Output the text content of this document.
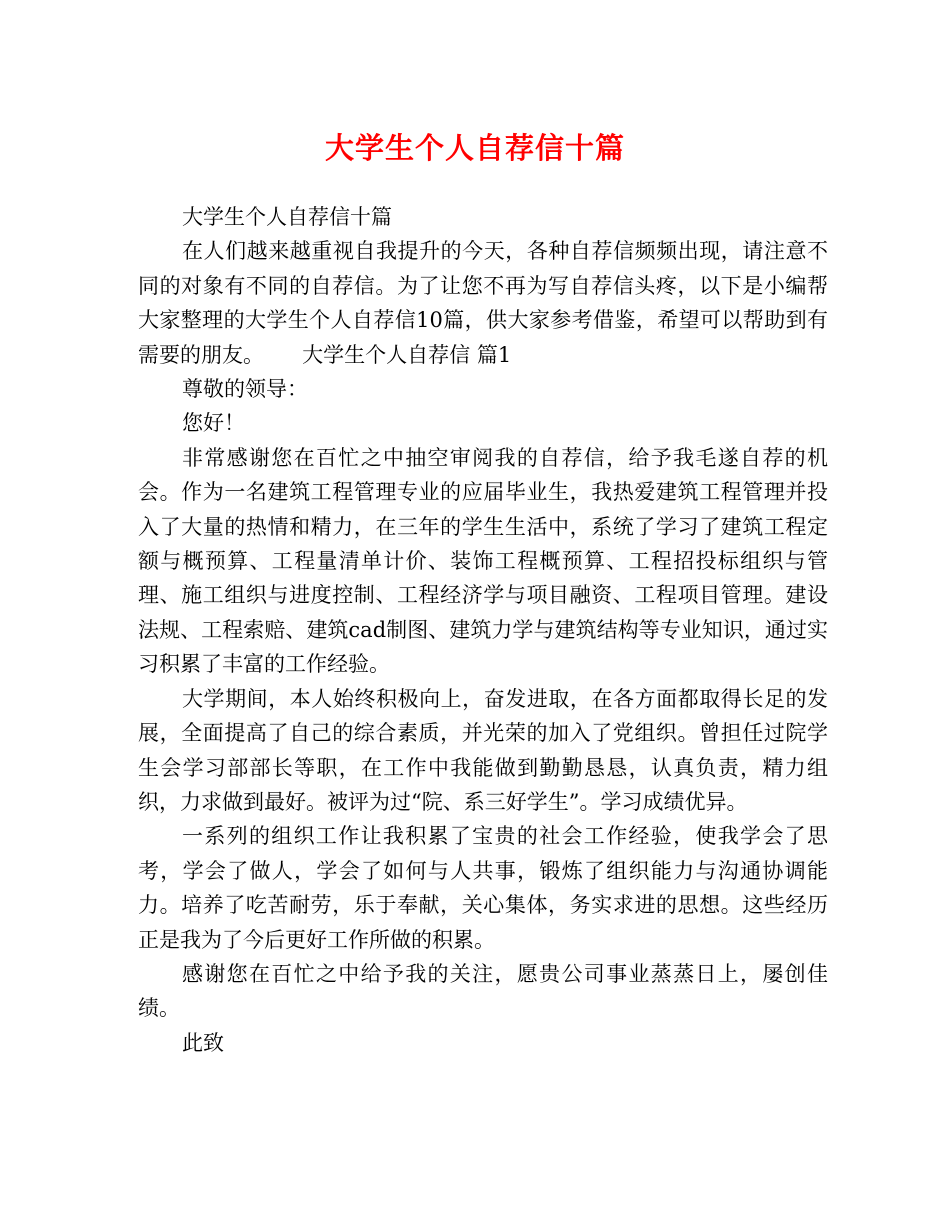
大学生个人自荐信十篇

大学生个人自荐信十篇

在人们越来越重视自我提升的今天，各种自荐信频频出现，请注意不同的对象有不同的自荐信。为了让您不再为写自荐信头疼，以下是小编帮大家整理的大学生个人自荐信10篇，供大家参考借鉴，希望可以帮助到有需要的朋友。　　 大学生个人自荐信 篇1

尊敬的领导：

您好！

非常感谢您在百忙之中抽空审阅我的自荐信，给予我毛遂自荐的机会。作为一名建筑工程管理专业的应届毕业生，我热爱建筑工程管理并投入了大量的热情和精力，在三年的学生生活中，系统了学习了建筑工程定额与概预算、工程量清单计价、装饰工程概预算、工程招投标组织与管理、施工组织与进度控制、工程经济学与项目融资、工程项目管理。建设法规、工程索赔、建筑cad制图、建筑力学与建筑结构等专业知识，通过实习积累了丰富的工作经验。

大学期间，本人始终积极向上，奋发进取，在各方面都取得长足的发展，全面提高了自己的综合素质，并光荣的加入了党组织。曾担任过院学生会学习部部长等职，在工作中我能做到勤勤恳恳，认真负责，精力组织，力求做到最好。被评为过“院、系三好学生”。学习成绩优异。

一系列的组织工作让我积累了宝贵的社会工作经验，使我学会了思考，学会了做人，学会了如何与人共事，锻炼了组织能力与沟通协调能力。培养了吃苦耐劳，乐于奉献，关心集体，务实求进的思想。这些经历正是我为了今后更好工作所做的积累。

感谢您在百忙之中给予我的关注，愿贵公司事业蒸蒸日上，屡创佳绩。

此致
